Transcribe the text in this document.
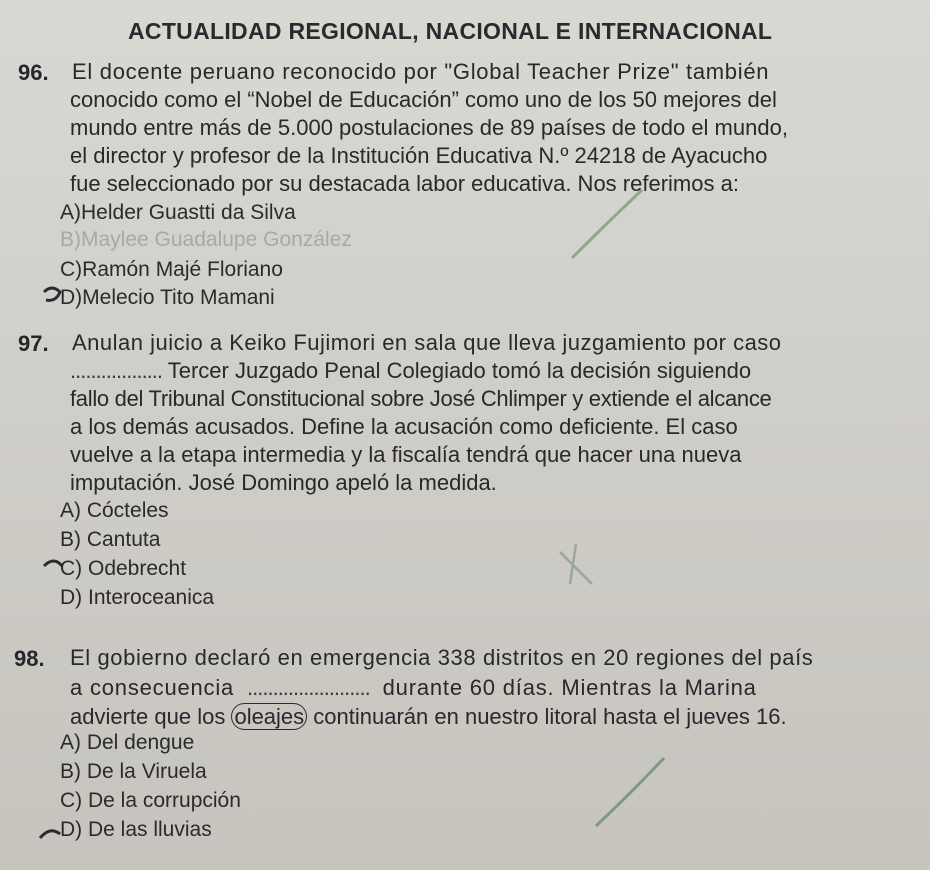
ACTUALIDAD REGIONAL, NACIONAL E INTERNACIONAL
96. El docente peruano reconocido por "Global Teacher Prize" también
conocido como el “Nobel de Educación” como uno de los 50 mejores del
mundo entre más de 5.000 postulaciones de 89 países de todo el mundo,
el director y profesor de la Institución Educativa N.º 24218 de Ayacucho
fue seleccionado por su destacada labor educativa. Nos referimos a:
A)Helder Guastti da Silva
B)Maylee Guadalupe González
C)Ramón Majé Floriano
D)Melecio Tito Mamani
97. Anulan juicio a Keiko Fujimori en sala que lleva juzgamiento por caso
.................. Tercer Juzgado Penal Colegiado tomó la decisión siguiendo
fallo del Tribunal Constitucional sobre José Chlimper y extiende el alcance
a los demás acusados. Define la acusación como deficiente. El caso
vuelve a la etapa intermedia y la fiscalía tendrá que hacer una nueva
imputación. José Domingo apeló la medida.
A) Cócteles
B) Cantuta
C) Odebrecht
D) Interoceanica
98. El gobierno declaró en emergencia 338 distritos en 20 regiones del país
a consecuencia ........................ durante 60 días. Mientras la Marina
advierte que los oleajes continuarán en nuestro litoral hasta el jueves 16.
A) Del dengue
B) De la Viruela
C) De la corrupción
D) De las lluvias
